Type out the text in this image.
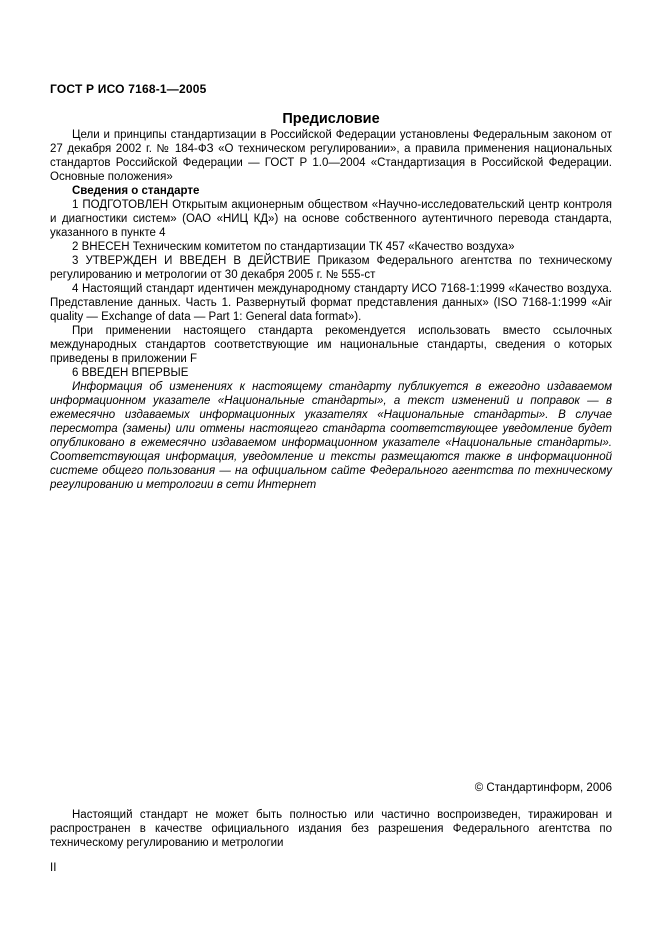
ГОСТ Р ИСО 7168-1—2005
Предисловие

Цели и принципы стандартизации в Российской Федерации установлены Федеральным законом от 27 декабря 2002 г. № 184-ФЗ «О техническом регулировании», а правила применения национальных стандартов Российской Федерации — ГОСТ Р 1.0—2004 «Стандартизация в Российской Федерации. Основные положения»

Сведения о стандарте

1 ПОДГОТОВЛЕН Открытым акционерным обществом «Научно-исследовательский центр контроля и диагностики систем» (ОАО «НИЦ КД») на основе собственного аутентичного перевода стандарта, указанного в пункте 4

2 ВНЕСЕН Техническим комитетом по стандартизации ТК 457 «Качество воздуха»

3 УТВЕРЖДЕН И ВВЕДЕН В ДЕЙСТВИЕ Приказом Федерального агентства по техническому регулированию и метрологии от 30 декабря 2005 г. № 555-ст

4 Настоящий стандарт идентичен международному стандарту ИСО 7168-1:1999 «Качество воздуха. Представление данных. Часть 1. Развернутый формат представления данных» (ISO 7168-1:1999 «Air quality — Exchange of data — Part 1: General data format»).

При применении настоящего стандарта рекомендуется использовать вместо ссылочных международных стандартов соответствующие им национальные стандарты, сведения о которых приведены в приложении F

6 ВВЕДЕН ВПЕРВЫЕ

Информация об изменениях к настоящему стандарту публикуется в ежегодно издаваемом информационном указателе «Национальные стандарты», а текст изменений и поправок — в ежемесячно издаваемых информационных указателях «Национальные стандарты». В случае пересмотра (замены) или отмены настоящего стандарта соответствующее уведомление будет опубликовано в ежемесячно издаваемом информационном указателе «Национальные стандарты». Соответствующая информация, уведомление и тексты размещаются также в информационной системе общего пользования — на официальном сайте Федерального агентства по техническому регулированию и метрологии в сети Интернет

© Стандартинформ, 2006

Настоящий стандарт не может быть полностью или частично воспроизведен, тиражирован и распространен в качестве официального издания без разрешения Федерального агентства по техническому регулированию и метрологии

II
